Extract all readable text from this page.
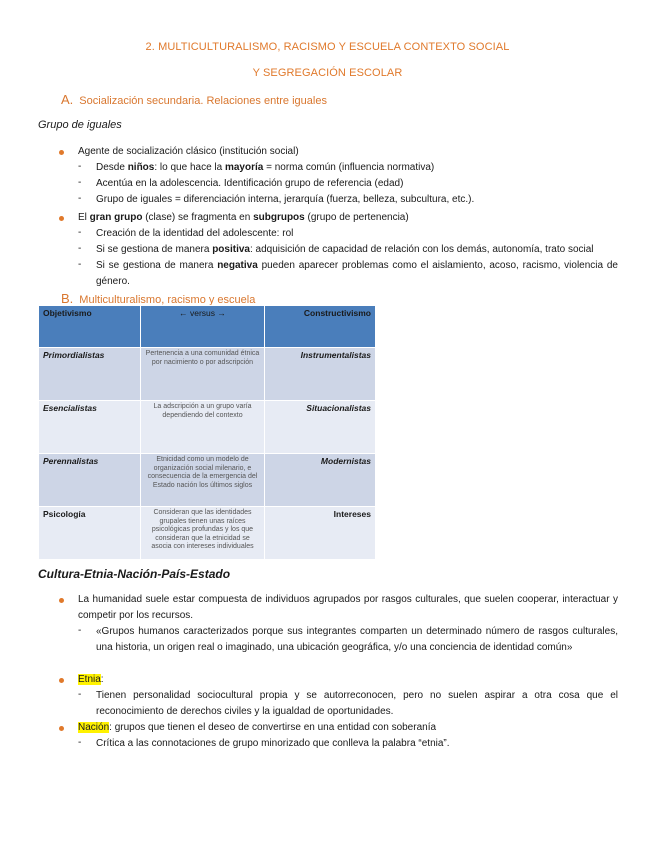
2. MULTICULTURALISMO, RACISMO Y ESCUELA CONTEXTO SOCIAL
Y SEGREGACIÓN ESCOLAR
A. Socialización secundaria. Relaciones entre iguales
Grupo de iguales
Agente de socialización clásico (institución social)
- Desde niños: lo que hace la mayoría = norma común (influencia normativa)
- Acentúa en la adolescencia. Identificación grupo de referencia (edad)
- Grupo de iguales = diferenciación interna, jerarquía (fuerza, belleza, subcultura, etc.).
El gran grupo (clase) se fragmenta en subgrupos (grupo de pertenencia)
- Creación de la identidad del adolescente: rol
- Si se gestiona de manera positiva: adquisición de capacidad de relación con los demás, autonomía, trato social
- Si se gestiona de manera negativa pueden aparecer problemas como el aislamiento, acoso, racismo, violencia de género.
B. Multiculturalismo, racismo y escuela
Objetivismo	← versus →	Constructivismo
Primordialistas	Pertenencia a una comunidad étnica por nacimiento o por adscripción	Instrumentalistas
Esencialistas	La adscripción a un grupo varía dependiendo del contexto	Situacionalistas
Perennalistas	Etnicidad como un modelo de organización social milenario, e consecuencia de la emergencia del Estado nación los últimos siglos	Modernistas
Psicología	Consideran que las identidades grupales tienen unas raíces psicológicas profundas y los que consideran que la etnicidad se asocia con intereses individuales	Intereses
Cultura-Etnia-Nación-País-Estado
La humanidad suele estar compuesta de individuos agrupados por rasgos culturales, que suelen cooperar, interactuar y competir por los recursos.
- «Grupos humanos caracterizados porque sus integrantes comparten un determinado número de rasgos culturales, una historia, un origen real o imaginado, una ubicación geográfica, y/o una conciencia de identidad común»
Etnia:
- Tienen personalidad sociocultural propia y se autorreconocen, pero no suelen aspirar a otra cosa que el reconocimiento de derechos civiles y la igualdad de oportunidades.
Nación: grupos que tienen el deseo de convertirse en una entidad con soberanía
- Crítica a las connotaciones de grupo minorizado que conlleva la palabra “etnia”.
